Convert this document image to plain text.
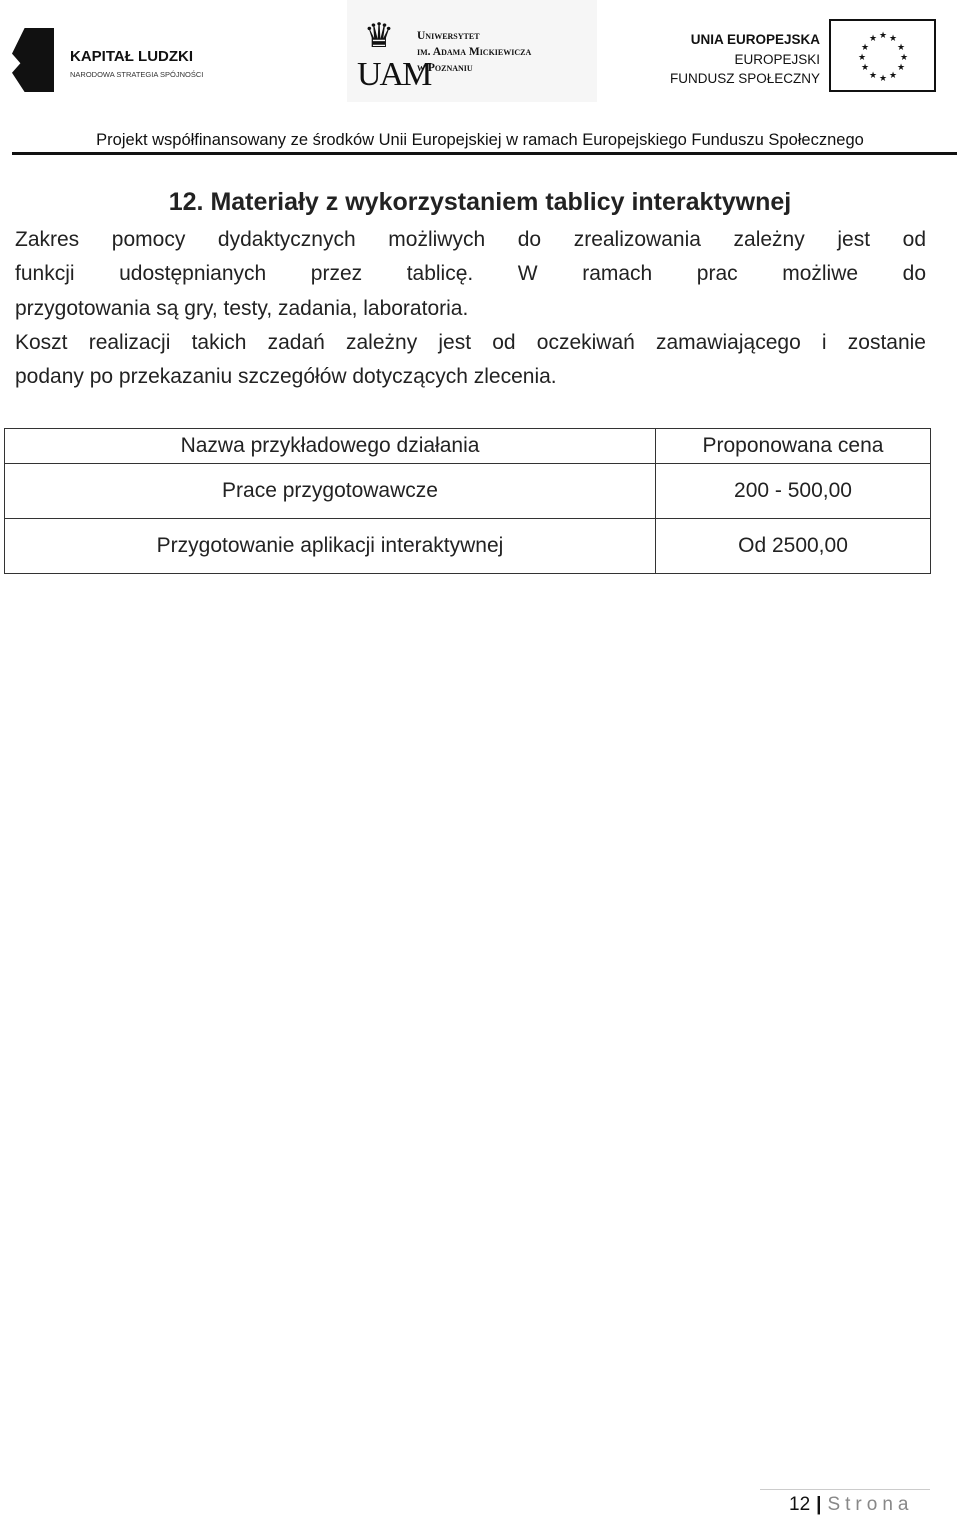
KAPITAŁ LUDZKI
NARODOWA STRATEGIA SPÓJNOŚCI
♛
UAM
Uniwersytet
im. Adama Mickiewicza
w Poznaniu
UNIA EUROPEJSKA
EUROPEJSKI
FUNDUSZ SPOŁECZNY
★ ★
★
★
★
★
★
★
★
★
★ ★
Projekt współfinansowany ze środków Unii Europejskiej w ramach Europejskiego Funduszu Społecznego
12. Materiały z wykorzystaniem tablicy interaktywnej
Zakres pomocy dydaktycznych możliwych do zrealizowania zależny jest od
funkcji udostępnianych przez tablicę. W ramach prac możliwe do
przygotowania są gry, testy, zadania, laboratoria.
Koszt realizacji takich zadań zależny jest od oczekiwań zamawiającego i zostanie
podany po przekazaniu szczegółów dotyczących zlecenia.
Nazwa przykładowego działania	Proponowana cena
Prace przygotowawcze	200 - 500,00
Przygotowanie aplikacji interaktywnej	Od 2500,00
12 | Strona
